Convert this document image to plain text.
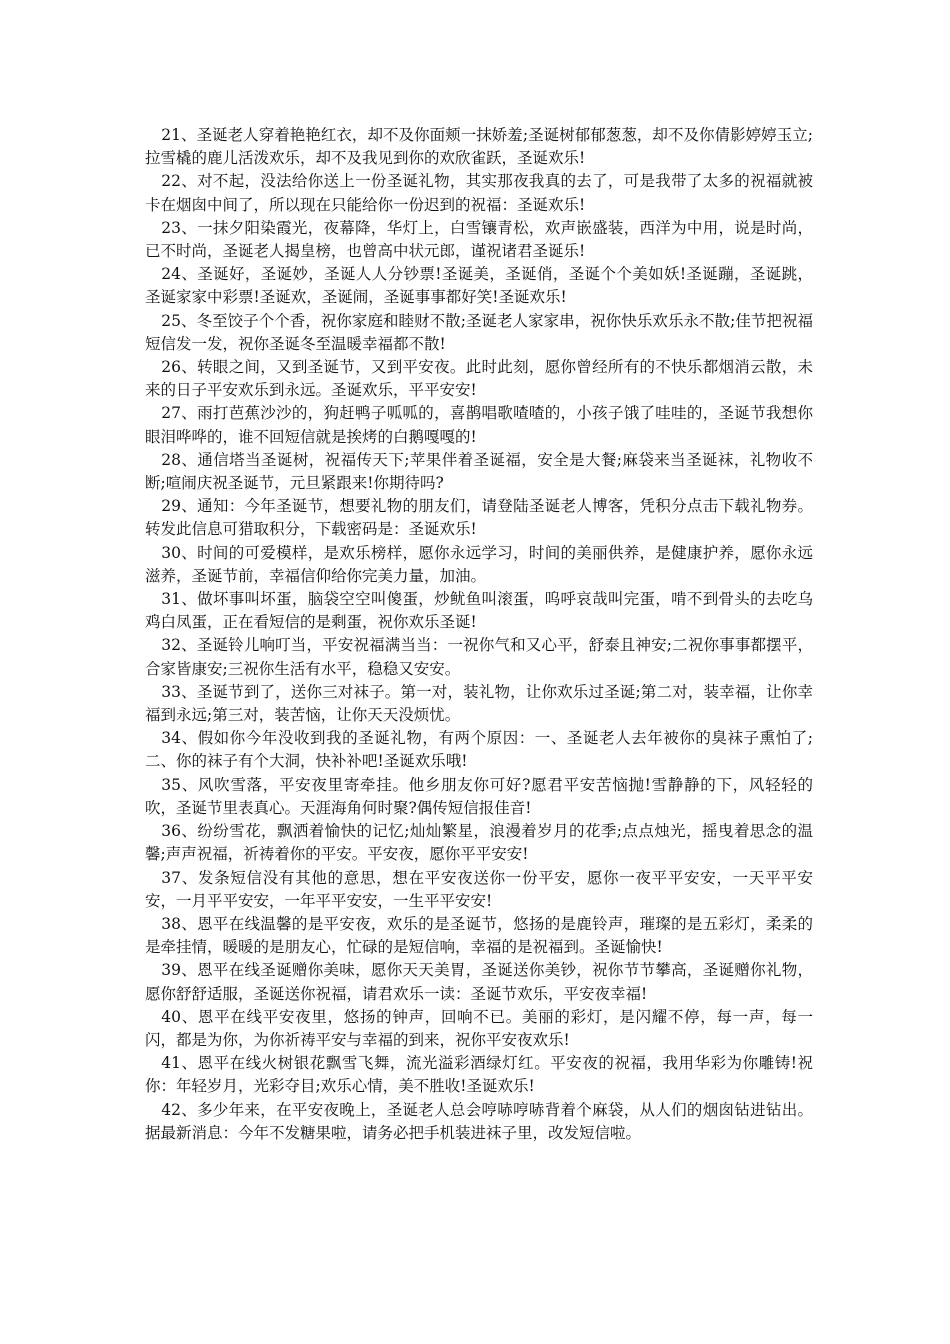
21、圣诞老人穿着艳艳红衣，却不及你面颊一抹娇羞;圣诞树郁郁葱葱，却不及你倩影婷婷玉立;拉雪橇的鹿儿活泼欢乐，却不及我见到你的欢欣雀跃，圣诞欢乐!

22、对不起，没法给你送上一份圣诞礼物，其实那夜我真的去了，可是我带了太多的祝福就被卡在烟囱中间了，所以现在只能给你一份迟到的祝福：圣诞欢乐!

23、一抹夕阳染霞光，夜幕降，华灯上，白雪镶青松，欢声嵌盛装，西洋为中用，说是时尚，已不时尚，圣诞老人揭皇榜，也曾高中状元郎，谨祝诸君圣诞乐!

24、圣诞好，圣诞妙，圣诞人人分钞票!圣诞美，圣诞俏，圣诞个个美如妖!圣诞蹦，圣诞跳，圣诞家家中彩票!圣诞欢，圣诞闹，圣诞事事都好笑!圣诞欢乐!

25、冬至饺子个个香，祝你家庭和睦财不散;圣诞老人家家串，祝你快乐欢乐永不散;佳节把祝福短信发一发，祝你圣诞冬至温暖幸福都不散!

26、转眼之间，又到圣诞节，又到平安夜。此时此刻，愿你曾经所有的不快乐都烟消云散，未来的日子平安欢乐到永远。圣诞欢乐，平平安安!

27、雨打芭蕉沙沙的，狗赶鸭子呱呱的，喜鹊唱歌喳喳的，小孩子饿了哇哇的，圣诞节我想你眼泪哗哗的，谁不回短信就是挨烤的白鹅嘎嘎的!

28、通信塔当圣诞树，祝福传天下;苹果伴着圣诞福，安全是大餐;麻袋来当圣诞袜，礼物收不断;喧闹庆祝圣诞节，元旦紧跟来!你期待吗?

29、通知：今年圣诞节，想要礼物的朋友们，请登陆圣诞老人博客，凭积分点击下载礼物券。转发此信息可猎取积分，下载密码是：圣诞欢乐!

30、时间的可爱模样，是欢乐榜样，愿你永远学习，时间的美丽供养，是健康护养，愿你永远滋养，圣诞节前，幸福信仰给你完美力量，加油。

31、做坏事叫坏蛋，脑袋空空叫傻蛋，炒鱿鱼叫滚蛋，呜呼哀哉叫完蛋，啃不到骨头的去吃乌鸡白凤蛋，正在看短信的是剩蛋，祝你欢乐圣诞!

32、圣诞铃儿响叮当，平安祝福满当当：一祝你气和又心平，舒泰且神安;二祝你事事都摆平，合家皆康安;三祝你生活有水平，稳稳又安安。

33、圣诞节到了，送你三对袜子。第一对，装礼物，让你欢乐过圣诞;第二对，装幸福，让你幸福到永远;第三对，装苦恼，让你天天没烦忧。

34、假如你今年没收到我的圣诞礼物，有两个原因：一、圣诞老人去年被你的臭袜子熏怕了;二、你的袜子有个大洞，快补补吧!圣诞欢乐哦!

35、风吹雪落，平安夜里寄牵挂。他乡朋友你可好?愿君平安苦恼抛!雪静静的下，风轻轻的吹，圣诞节里表真心。天涯海角何时聚?偶传短信报佳音!

36、纷纷雪花，飘洒着愉快的记忆;灿灿繁星，浪漫着岁月的花季;点点烛光，摇曳着思念的温馨;声声祝福，祈祷着你的平安。平安夜，愿你平平安安!

37、发条短信没有其他的意思，想在平安夜送你一份平安，愿你一夜平平安安，一天平平安安，一月平平安安，一年平平安安，一生平平安安!

38、恩平在线温馨的是平安夜，欢乐的是圣诞节，悠扬的是鹿铃声，璀璨的是五彩灯，柔柔的是牵挂情，暖暖的是朋友心，忙碌的是短信响，幸福的是祝福到。圣诞愉快!

39、恩平在线圣诞赠你美味，愿你天天美胃，圣诞送你美钞，祝你节节攀高，圣诞赠你礼物，愿你舒舒适服，圣诞送你祝福，请君欢乐一读：圣诞节欢乐，平安夜幸福!

40、恩平在线平安夜里，悠扬的钟声，回响不已。美丽的彩灯，是闪耀不停，每一声，每一闪，都是为你，为你祈祷平安与幸福的到来，祝你平安夜欢乐!

41、恩平在线火树银花飘雪飞舞，流光溢彩酒绿灯红。平安夜的祝福，我用华彩为你雕铸!祝你：年轻岁月，光彩夺目;欢乐心情，美不胜收!圣诞欢乐!

42、多少年来，在平安夜晚上，圣诞老人总会哼哧哼哧背着个麻袋，从人们的烟囱钻进钻出。据最新消息：今年不发糖果啦，请务必把手机装进袜子里，改发短信啦。
